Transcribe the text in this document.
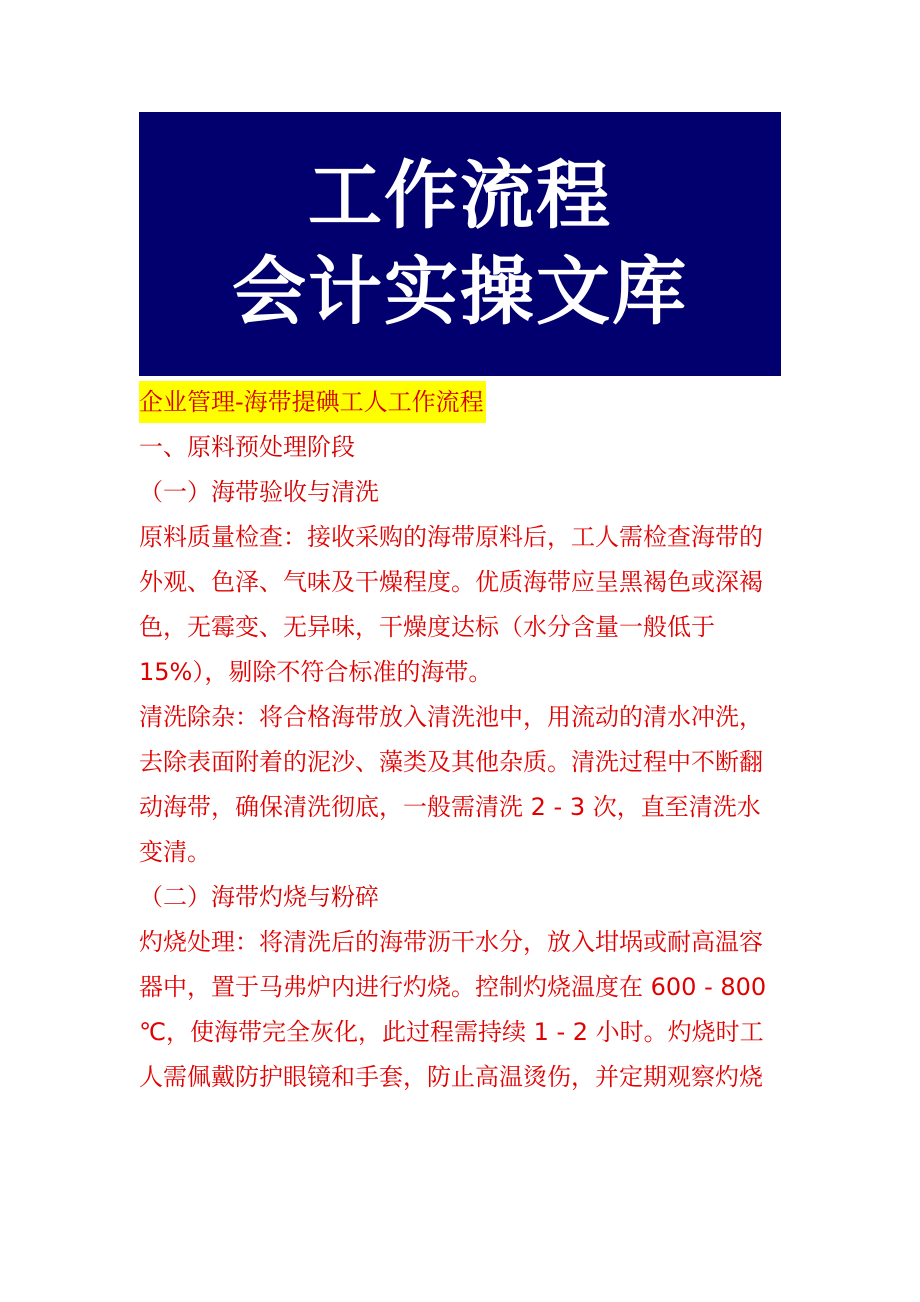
工作流程
会计实操文库
企业管理-海带提碘工人工作流程
一、原料预处理阶段
（一）海带验收与清洗
原料质量检查：接收采购的海带原料后，工人需检查海带的
外观、色泽、气味及干燥程度。优质海带应呈黑褐色或深褐
色，无霉变、无异味，干燥度达标（水分含量一般低于
15%），剔除不符合标准的海带。
清洗除杂：将合格海带放入清洗池中，用流动的清水冲洗，
去除表面附着的泥沙、藻类及其他杂质。清洗过程中不断翻
动海带，确保清洗彻底，一般需清洗 2 - 3 次，直至清洗水
变清。
（二）海带灼烧与粉碎
灼烧处理：将清洗后的海带沥干水分，放入坩埚或耐高温容
器中，置于马弗炉内进行灼烧。控制灼烧温度在 600 - 800
℃，使海带完全灰化，此过程需持续 1 - 2 小时。灼烧时工
人需佩戴防护眼镜和手套，防止高温烫伤，并定期观察灼烧
